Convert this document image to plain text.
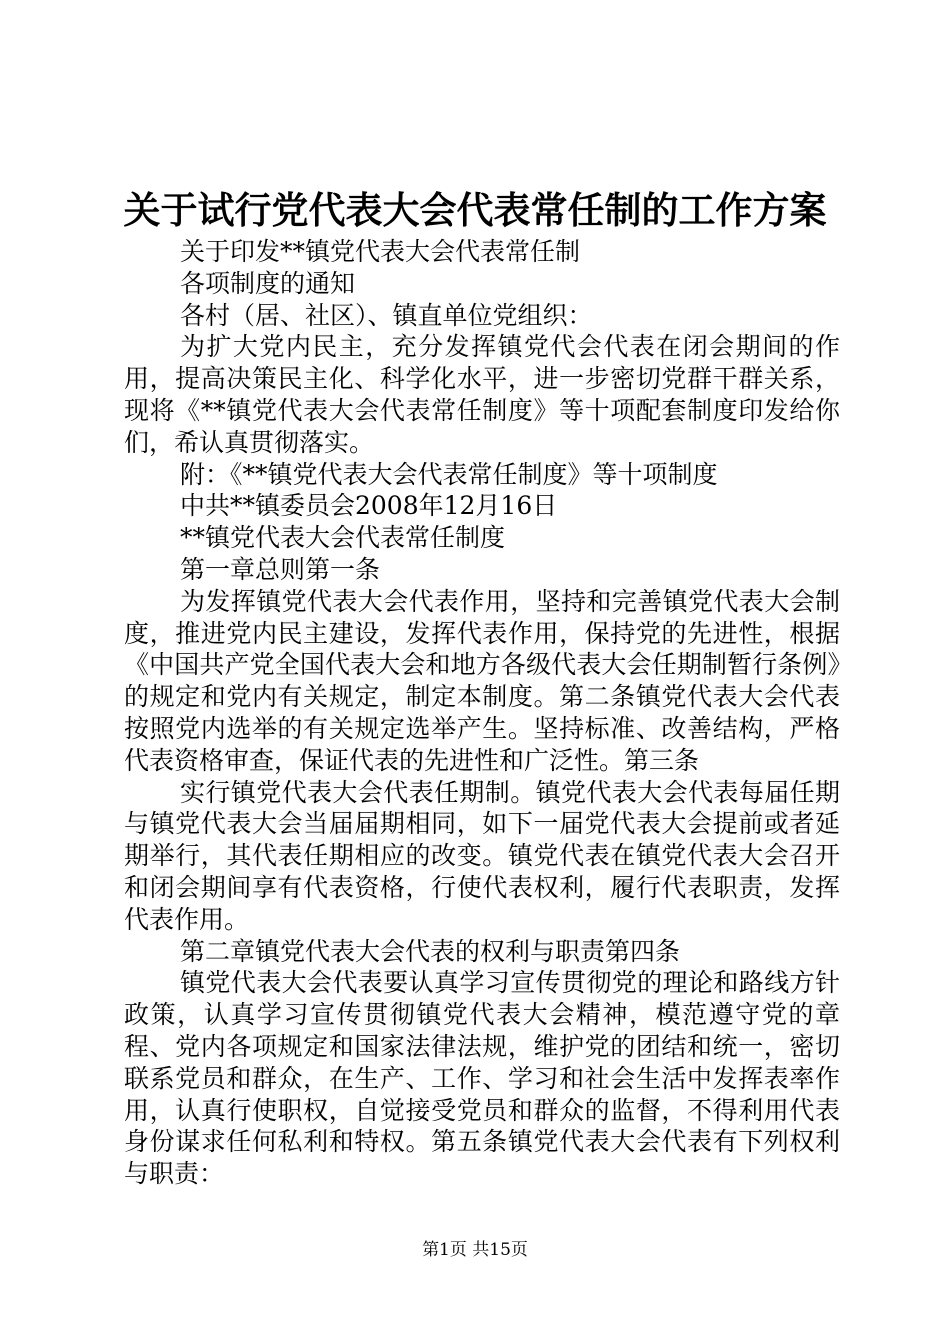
关于试行党代表大会代表常任制的工作方案
关于印发**镇党代表大会代表常任制
各项制度的通知
各村（居、社区）、镇直单位党组织：
为扩大党内民主，充分发挥镇党代会代表在闭会期间的作用，提高决策民主化、科学化水平，进一步密切党群干群关系，现将《**镇党代表大会代表常任制度》等十项配套制度印发给你们，希认真贯彻落实。
附：《**镇党代表大会代表常任制度》等十项制度
中共**镇委员会2008年12月16日
**镇党代表大会代表常任制度
第一章总则第一条
为发挥镇党代表大会代表作用，坚持和完善镇党代表大会制度，推进党内民主建设，发挥代表作用，保持党的先进性，根据《中国共产党全国代表大会和地方各级代表大会任期制暂行条例》的规定和党内有关规定，制定本制度。第二条镇党代表大会代表按照党内选举的有关规定选举产生。坚持标准、改善结构，严格代表资格审查，保证代表的先进性和广泛性。第三条
实行镇党代表大会代表任期制。镇党代表大会代表每届任期与镇党代表大会当届届期相同，如下一届党代表大会提前或者延期举行，其代表任期相应的改变。镇党代表在镇党代表大会召开和闭会期间享有代表资格，行使代表权利，履行代表职责，发挥代表作用。
第二章镇党代表大会代表的权利与职责第四条
镇党代表大会代表要认真学习宣传贯彻党的理论和路线方针政策，认真学习宣传贯彻镇党代表大会精神，模范遵守党的章程、党内各项规定和国家法律法规，维护党的团结和统一，密切联系党员和群众，在生产、工作、学习和社会生活中发挥表率作用，认真行使职权，自觉接受党员和群众的监督，不得利用代表身份谋求任何私利和特权。第五条镇党代表大会代表有下列权利与职责：
第1页 共15页
